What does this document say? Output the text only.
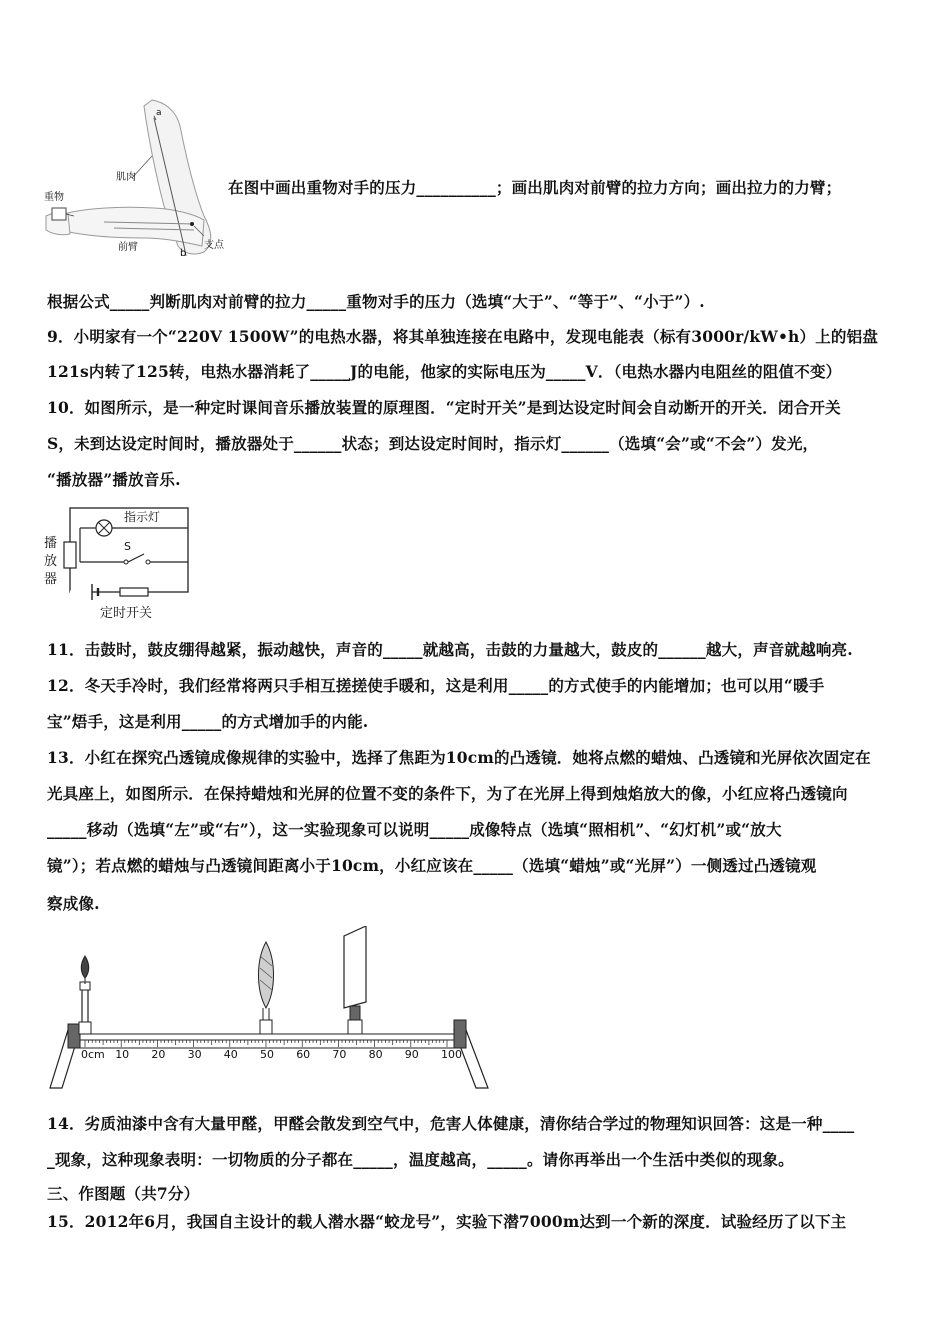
重物
肌肉
前臂	支点
a
b
在图中画出重物对手的压力__________；画出肌肉对前臂的拉力方向；画出拉力的力臂；
根据公式_____判断肌肉对前臂的拉力_____重物对手的压力（选填“大于”、“等于”、“小于”）.
9．小明家有一个“220V 1500W”的电热水器，将其单独连接在电路中，发现电能表（标有3000r/kW•h）上的铝盘
121s内转了125转，电热水器消耗了_____J的电能，他家的实际电压为_____V．（电热水器内电阻丝的阻值不变）
10．如图所示，是一种定时课间音乐播放装置的原理图．“定时开关”是到达设定时间会自动断开的开关．闭合开关
S，未到达设定时间时，播放器处于______状态；到达设定时间时，指示灯______（选填“会”或“不会”）发光，
“播放器”播放音乐.
指示灯
S
播
放
器
定时开关
11．击鼓时，鼓皮绷得越紧，振动越快，声音的_____就越高，击鼓的力量越大，鼓皮的______越大，声音就越响亮.
12．冬天手冷时，我们经常将两只手相互搓搓使手暖和，这是利用_____的方式使手的内能增加；也可以用“暖手
宝”焐手，这是利用_____的方式增加手的内能.
13．小红在探究凸透镜成像规律的实验中，选择了焦距为10cm的凸透镜．她将点燃的蜡烛、凸透镜和光屏依次固定在
光具座上，如图所示．在保持蜡烛和光屏的位置不变的条件下，为了在光屏上得到烛焰放大的像，小红应将凸透镜向
_____移动（选填“左”或“右”），这一实验现象可以说明_____成像特点（选填“照相机”、“幻灯机”或“放大
镜”）；若点燃的蜡烛与凸透镜间距离小于10cm，小红应该在_____（选填“蜡烛”或“光屏”）一侧透过凸透镜观
察成像.
0cm 10 20 30 40 50 60 70 80 90 100
14．劣质油漆中含有大量甲醛，甲醛会散发到空气中，危害人体健康，清你结合学过的物理知识回答：这是一种____
_现象，这种现象表明：一切物质的分子都在_____，温度越高，_____。请你再举出一个生活中类似的现象。
三、作图题（共7分）
15．2012年6月，我国自主设计的载人潜水器“蛟龙号”，实验下潜7000m达到一个新的深度．试验经历了以下主
